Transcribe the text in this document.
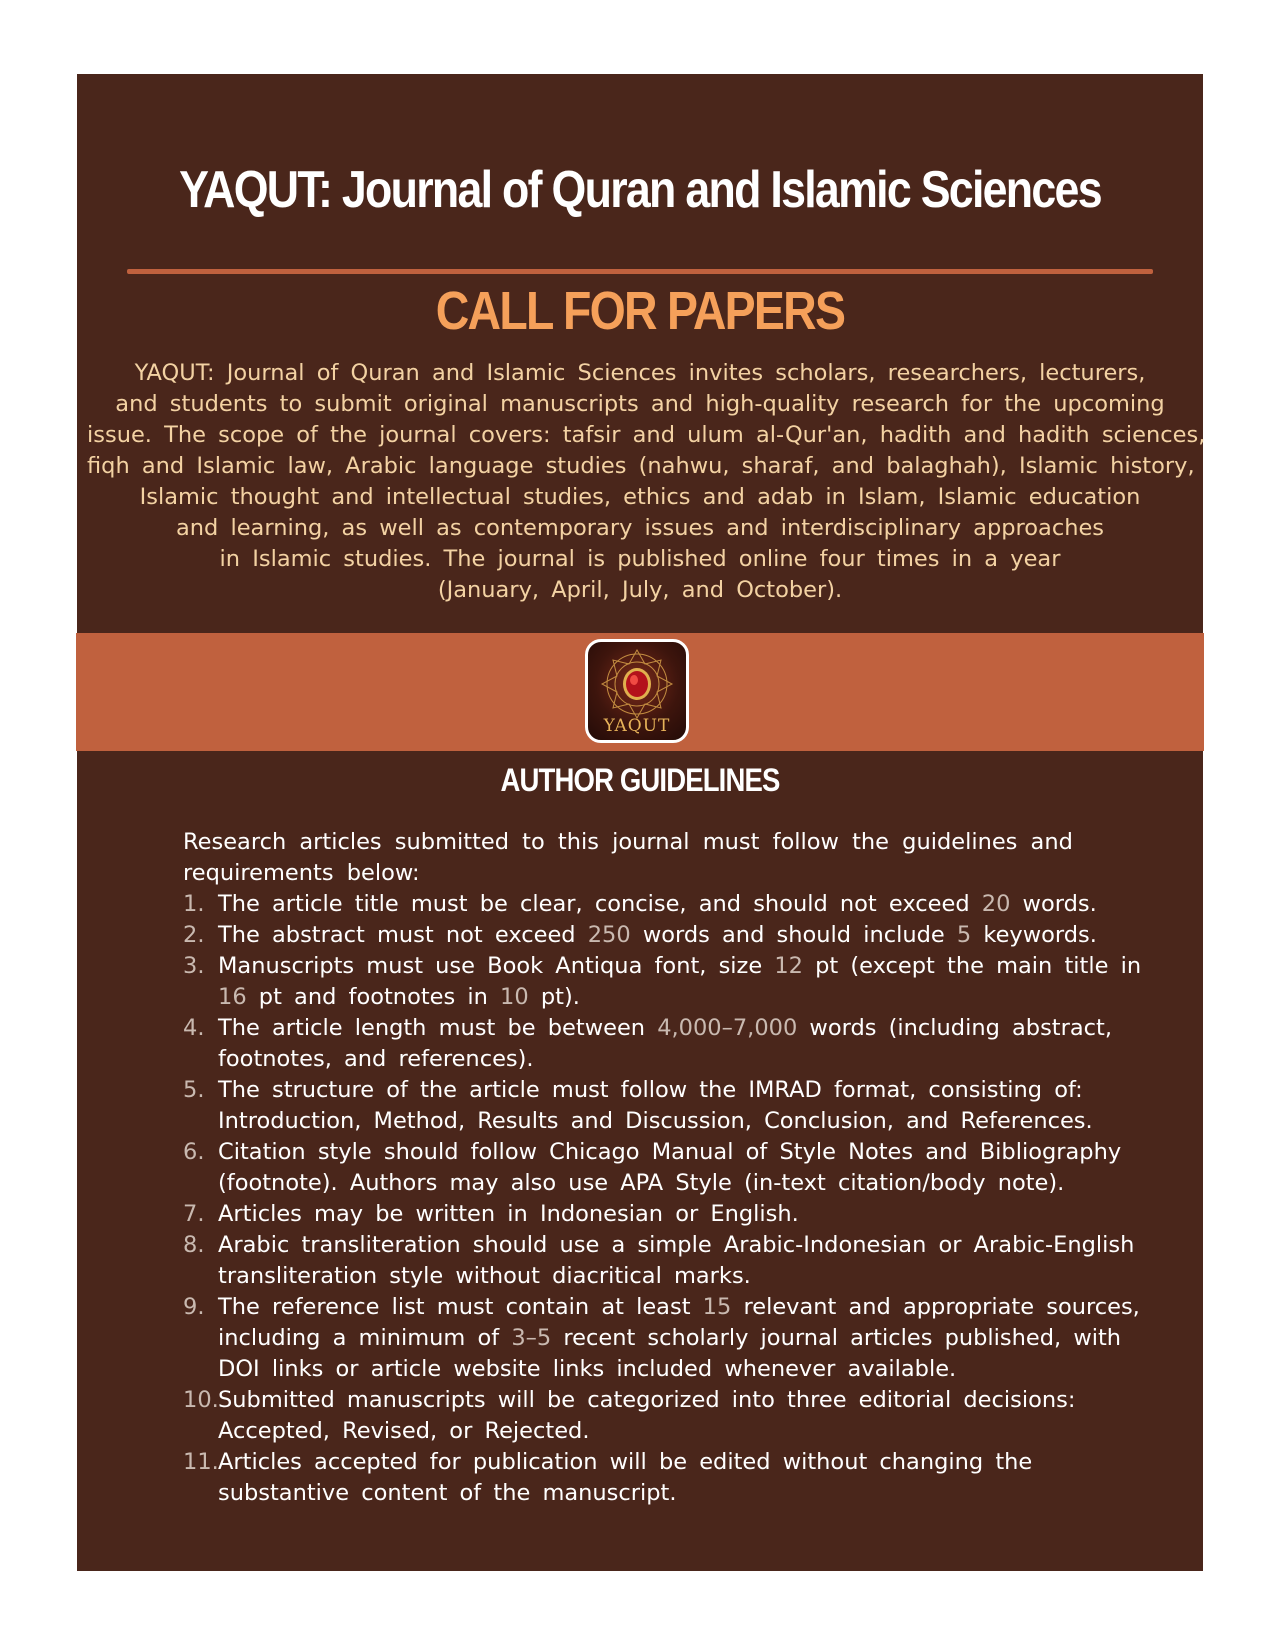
YAQUT: Journal of Quran and Islamic Sciences
CALL FOR PAPERS
YAQUT: Journal of Quran and Islamic Sciences invites scholars, researchers, lecturers,
and students to submit original manuscripts and high-quality research for the upcoming
issue. The scope of the journal covers: tafsir and ulum al-Qur'an, hadith and hadith sciences,
fiqh and Islamic law, Arabic language studies (nahwu, sharaf, and balaghah), Islamic history,
Islamic thought and intellectual studies, ethics and adab in Islam, Islamic education
and learning, as well as contemporary issues and interdisciplinary approaches
in Islamic studies. The journal is published online four times in a year
(January, April, July, and October).
YAQUT
AUTHOR GUIDELINES
Research articles submitted to this journal must follow the guidelines and requirements below:
1. The article title must be clear, concise, and should not exceed 20 words.
2. The abstract must not exceed 250 words and should include 5 keywords.
3. Manuscripts must use Book Antiqua font, size 12 pt (except the main title in 16 pt and footnotes in 10 pt).
4. The article length must be between 4,000–7,000 words (including abstract, footnotes, and references).
5. The structure of the article must follow the IMRAD format, consisting of: Introduction, Method, Results and Discussion, Conclusion, and References.
6. Citation style should follow Chicago Manual of Style Notes and Bibliography (footnote). Authors may also use APA Style (in-text citation/body note).
7. Articles may be written in Indonesian or English.
8. Arabic transliteration should use a simple Arabic-Indonesian or Arabic-English transliteration style without diacritical marks.
9. The reference list must contain at least 15 relevant and appropriate sources, including a minimum of 3–5 recent scholarly journal articles published, with DOI links or article website links included whenever available.
10. Submitted manuscripts will be categorized into three editorial decisions: Accepted, Revised, or Rejected.
11. Articles accepted for publication will be edited without changing the substantive content of the manuscript.
